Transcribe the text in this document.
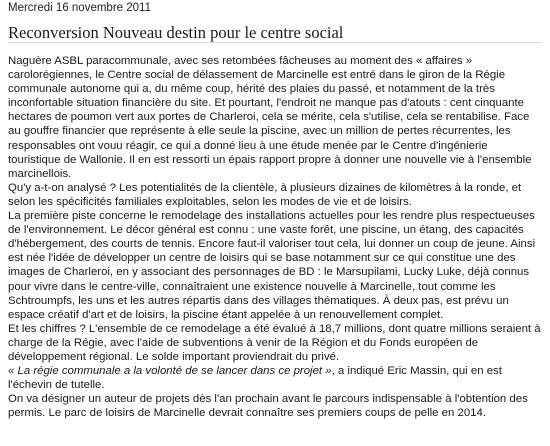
Mercredi 16 novembre 2011
Reconversion Nouveau destin pour le centre social

Naguère ASBL paracommunale, avec ses retombées fâcheuses au moment des « affaires » carolorégiennes, le Centre social de délassement de Marcinelle est entré dans le giron de la Régie communale autonome qui a, du même coup, hérité des plaies du passé, et notamment de la très inconfortable situation financière du site. Et pourtant, l'endroit ne manque pas d'atouts : cent cinquante hectares de poumon vert aux portes de Charleroi, cela se mérite, cela s'utilise, cela se rentabilise. Face au gouffre financier que représente à elle seule la piscine, avec un million de pertes récurrentes, les responsables ont vouu réagir, ce qui a donné lieu à une étude menée par le Centre d'ingénierie touristique de Wallonie. Il en est ressorti un épais rapport propre à donner une nouvelle vie à l'ensemble marcinellois.

Qu'y a-t-on analysé ? Les potentialités de la clientèle, à plusieurs dizaines de kilomètres à la ronde, et selon les spécificités familiales exploitables, selon les modes de vie et de loisirs.

La première piste concerne le remodelage des installations actuelles pour les rendre plus respectueuses de l'environnement. Le décor général est connu : une vaste forêt, une piscine, un étang, des capacités d'hébergement, des courts de tennis. Encore faut-il valoriser tout cela, lui donner un coup de jeune. Ainsi est née l'idée de développer un centre de loisirs qui se base notamment sur ce qui constitue une des images de Charleroi, en y associant des personnages de BD : le Marsupilami, Lucky Luke, déjà connus pour vivre dans le centre-ville, connaîtraient une existence nouvelle à Marcinelle, tout comme les Schtroumpfs, les uns et les autres répartis dans des villages thématiques. À deux pas, est prévu un espace créatif d'art et de loisirs, la piscine étant appelée à un renouvellement complet.

Et les chiffres ? L'ensemble de ce remodelage a été évalué à 18,7 millions, dont quatre millions seraient à charge de la Régie, avec l'aide de subventions à venir de la Région et du Fonds européen de développement régional. Le solde important proviendrait du privé.

« La régie communale a la volonté de se lancer dans ce projet », a indiqué Eric Massin, qui en est l'échevin de tutelle.

On va désigner un auteur de projets dès l'an prochain avant le parcours indispensable à l'obtention des permis. Le parc de loisirs de Marcinelle devrait connaître ses premiers coups de pelle en 2014.
